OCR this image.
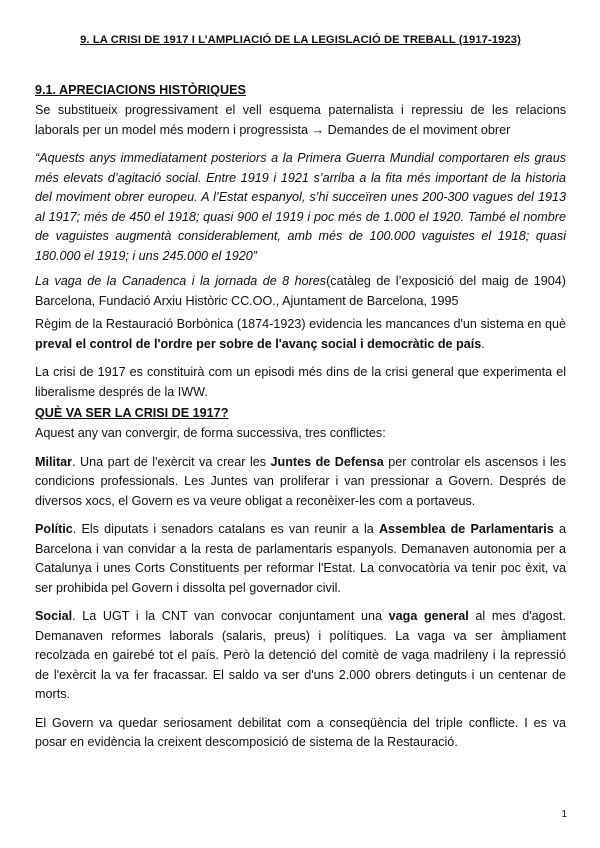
9. LA CRISI DE 1917 I L’AMPLIACIÓ DE LA LEGISLACIÓ DE TREBALL (1917-1923)
9.1. APRECIACIONS HISTÒRIQUES

Se substitueix progressivament el vell esquema paternalista i repressiu de les relacions laborals per un model més modern i progressista → Demandes de el moviment obrer

“Aquests anys immediatament posteriors a la Primera Guerra Mundial comportaren els graus més elevats d’agitació social. Entre 1919 i 1921 s’arriba a la fita més important de la historia del moviment obrer europeu. A l’Estat espanyol, s’hi succeïren unes 200-300 vagues del 1913 al 1917; més de 450 el 1918; quasi 900 el 1919 i poc més de 1.000 el 1920. També el nombre de vaguistes augmentà considerablement, amb més de 100.000 vaguistes el 1918; quasi 180.000 el 1919; i uns 245.000 el 1920”

La vaga de la Canadenca i la jornada de 8 hores(catàleg de l’exposició del maig de 1904) Barcelona, Fundació Arxiu Històric CC.OO., Ajuntament de Barcelona, 1995

Règim de la Restauració Borbònica (1874-1923) evidencia les mancances d'un sistema en què preval el control de l'ordre per sobre de l'avanç social i democràtic de país.

La crisi de 1917 es constituirà com un episodi més dins de la crisi general que experimenta el liberalisme després de la IWW.

QUÈ VA SER LA CRISI DE 1917?

Aquest any van convergir, de forma successiva, tres conflictes:

Militar. Una part de l'exèrcit va crear les Juntes de Defensa per controlar els ascensos i les condicions professionals. Les Juntes van proliferar i van pressionar a Govern. Després de diversos xocs, el Govern es va veure obligat a reconèixer-les com a portaveus.

Polític. Els diputats i senadors catalans es van reunir a la Assemblea de Parlamentaris a Barcelona i van convidar a la resta de parlamentaris espanyols. Demanaven autonomia per a Catalunya i unes Corts Constituents per reformar l'Estat. La convocatòria va tenir poc èxit, va ser prohibida pel Govern i dissolta pel governador civil.

Social. La UGT i la CNT van convocar conjuntament una vaga general al mes d'agost. Demanaven reformes laborals (salaris, preus) i polítiques. La vaga va ser àmpliament recolzada en gairebé tot el país. Però la detenció del comitè de vaga madrileny i la repressió de l'exèrcit la va fer fracassar. El saldo va ser d'uns 2.000 obrers detinguts i un centenar de morts.

El Govern va quedar seriosament debilitat com a conseqüència del triple conflicte. I es va posar en evidència la creixent descomposició de sistema de la Restauració.

1
